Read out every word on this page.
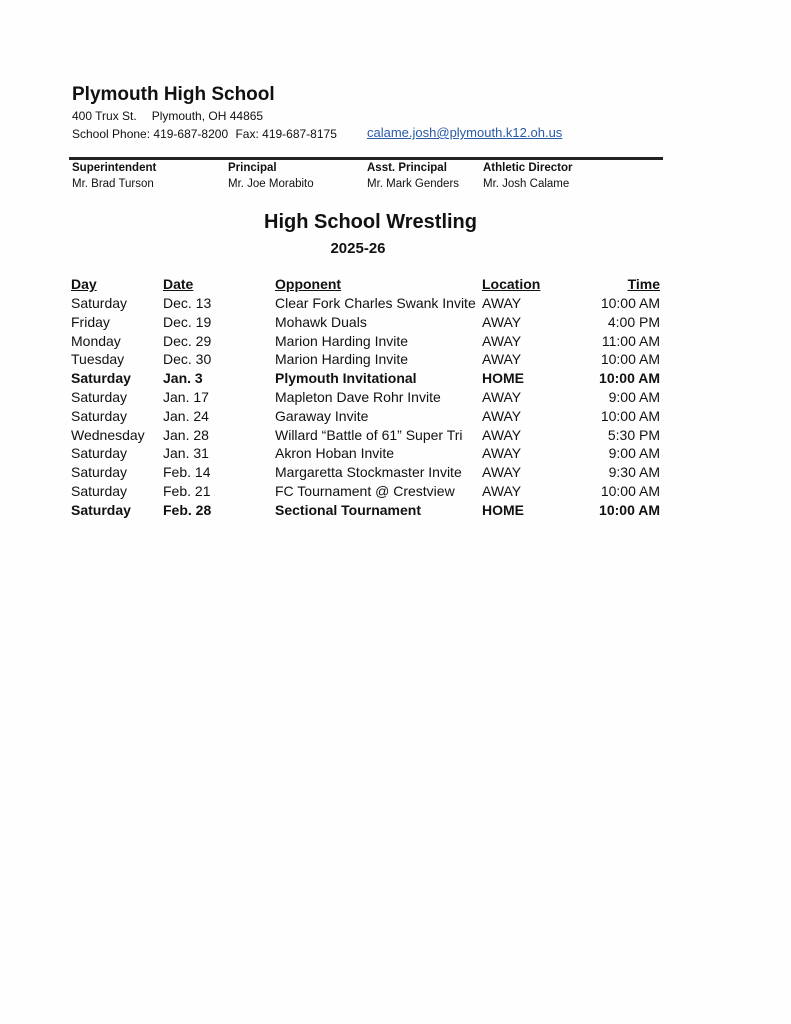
Plymouth High School
400 Trux St. Plymouth, OH 44865
School Phone: 419-687-8200 Fax: 419-687-8175	calame.josh@plymouth.k12.oh.us
Superintendent
Mr. Brad Turson
Principal
Mr. Joe Morabito
Asst. Principal
Mr. Mark Genders
Athletic Director
Mr. Josh Calame
High School Wrestling
2025-26
Day	Date	Opponent	Location	Time
Saturday	Dec. 13	Clear Fork Charles Swank Invite AWAY	10:00 AM
Friday	Dec. 19	Mohawk Duals	AWAY	4:00 PM
Monday	Dec. 29	Marion Harding Invite	AWAY	11:00 AM
Tuesday	Dec. 30	Marion Harding Invite	AWAY	10:00 AM
Saturday Jan. 3	Plymouth Invitational	HOME	10:00 AM
Saturday	Jan. 17	Mapleton Dave Rohr Invite	AWAY	9:00 AM
Saturday	Jan. 24	Garaway Invite	AWAY	10:00 AM
Wednesday Jan. 28	Willard “Battle of 61” Super Tri AWAY	5:30 PM
Saturday	Jan. 31	Akron Hoban Invite	AWAY	9:00 AM
Saturday	Feb. 14	Margaretta Stockmaster Invite AWAY	9:30 AM
Saturday	Feb. 21	FC Tournament @ Crestview AWAY	10:00 AM
Saturday Feb. 28	Sectional Tournament	HOME	10:00 AM
